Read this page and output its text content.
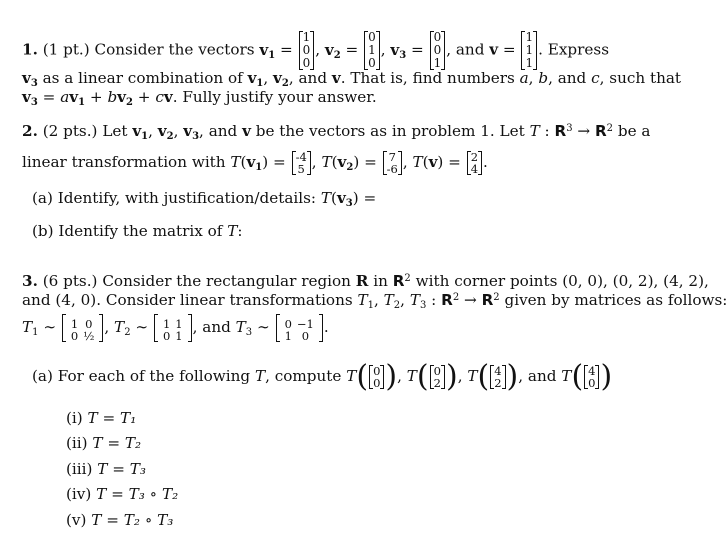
1. (1 pt.) Consider the vectors $v_1$ =
1
0
0
, $v_2$ =
0
1
0
, $v_3$ =
0
0
1
, and v =
1
1
1
. Express
$v_3$ as a linear combination of $v_1$, $v_2$, and v. That is, find numbers a, b, and c, such that
$v_3 = av_1 + bv_2$ + cv. Fully justify your answer.
2. (2 pts.) Let $v_1$, $v_2$, $v_3$, and v be the vectors as in problem 1. Let T : $R^3 \to R^2$ be a
linear transformation with $T(v_1) = -4$
5 , $T(v_2) = 7$
-6 , T(v) = 2
4 .
(a) Identify, with justification/details: $T(v_3)$ =
(b) Identify the matrix of T:
3. (6 pts.) Consider the rectangular region R in $R^2$ with corner points (0, 0), (0, 2), (4, 2),
and (4, 0). Consider linear transformations $T_1$, $T_2$, $T_3$ : $R^2 \to R^2$ given by matrices as follows:
$T_1$ ∼ 1	0
0	½ , $T_2$ ∼ 1	1
0	1 , and $T_3$ ∼ 0	−1
1	0 .
(a) For each of the following T, compute T( 0
0 ), T( 0
2 ), T( 4
2 ), and T( 4
0 )
(i) T = T₁
(ii) T = T₂
(iii) T = T₃
(iv) T = T₃ ∘ T₂
(v) T = T₂ ∘ T₃
